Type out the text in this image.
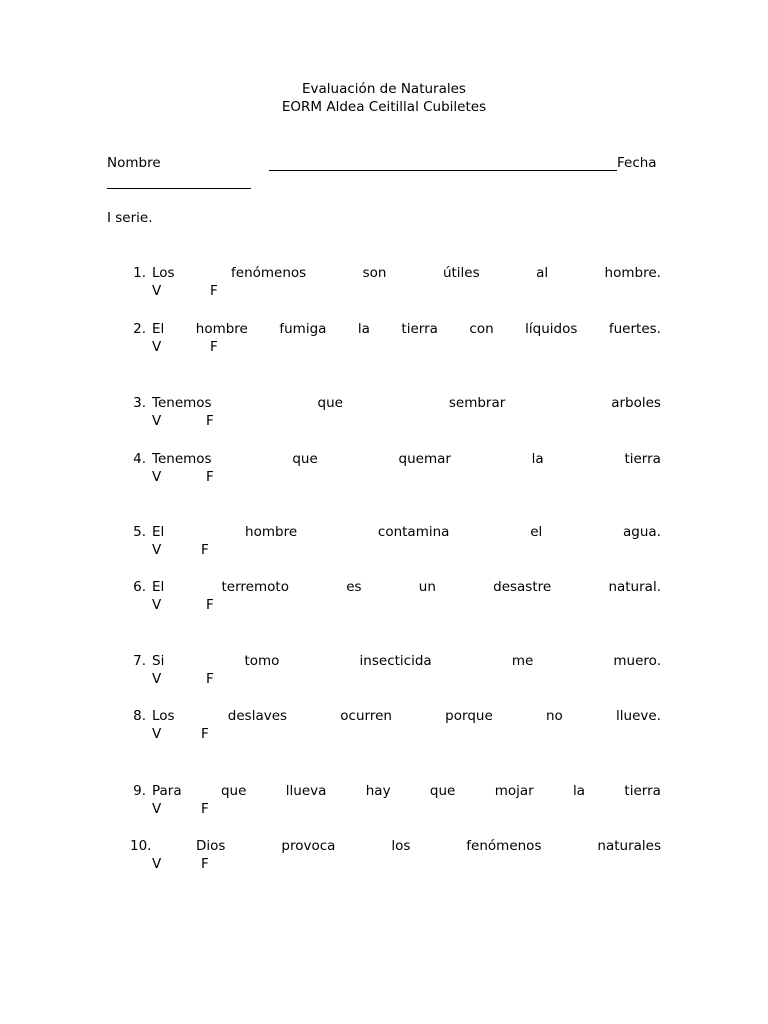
Evaluación de Naturales
EORM Aldea Ceitillal Cubiletes
Nombre	Fecha
I serie.
1. Los	fenómenos	son	útiles	al	hombre.
V	F
2. El hombre fumiga la tierra con líquidos fuertes.
V	F
3. Tenemos	que	sembrar	arboles
V	F
4. Tenemos	que	quemar	la	tierra
V	F
5. El	hombre	contamina	el	agua.
V	F
6. El	terremoto	es	un	desastre	natural.
V	F
7. Si	tomo	insecticida	me	muero.
V	F
8. Los	deslaves	ocurren	porque	no	llueve.
V	F
9. Para	que	llueva	hay	que	mojar	la	tierra
V	F
10.	Dios	provoca	los	fenómenos	naturales
V	F
